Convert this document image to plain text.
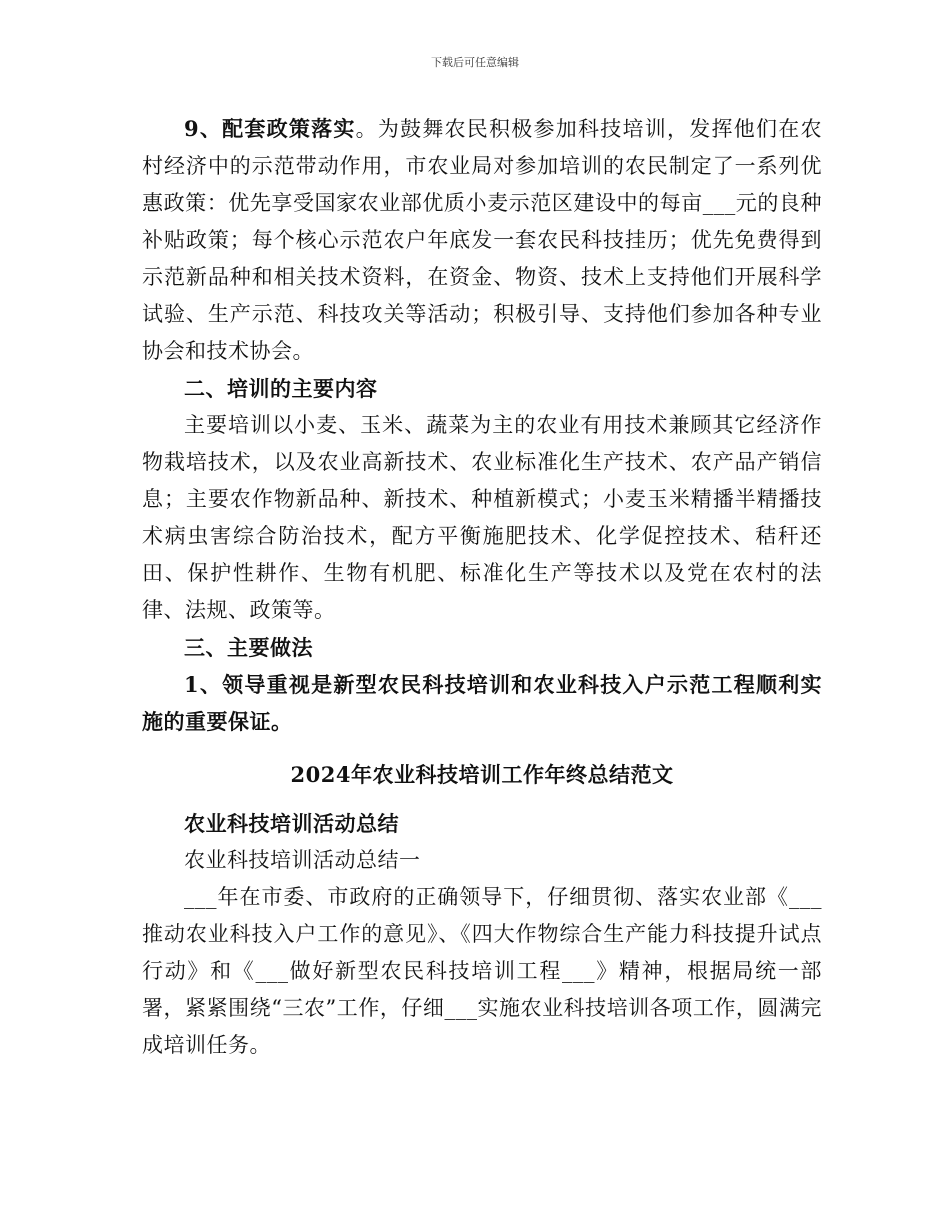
下载后可任意编辑

9、配套政策落实。为鼓舞农民积极参加科技培训，发挥他们在农村经济中的示范带动作用，市农业局对参加培训的农民制定了一系列优惠政策：优先享受国家农业部优质小麦示范区建设中的每亩___元的良种补贴政策；每个核心示范农户年底发一套农民科技挂历；优先免费得到示范新品种和相关技术资料，在资金、物资、技术上支持他们开展科学试验、生产示范、科技攻关等活动；积极引导、支持他们参加各种专业协会和技术协会。

二、培训的主要内容

主要培训以小麦、玉米、蔬菜为主的农业有用技术兼顾其它经济作物栽培技术，以及农业高新技术、农业标准化生产技术、农产品产销信息；主要农作物新品种、新技术、种植新模式；小麦玉米精播半精播技术病虫害综合防治技术，配方平衡施肥技术、化学促控技术、秸秆还田、保护性耕作、生物有机肥、标准化生产等技术以及党在农村的法律、法规、政策等。

三、主要做法

1、领导重视是新型农民科技培训和农业科技入户示范工程顺利实施的重要保证。

2024年农业科技培训工作年终总结范文

农业科技培训活动总结

农业科技培训活动总结一

___年在市委、市政府的正确领导下，仔细贯彻、落实农业部《___推动农业科技入户工作的意见》、《四大作物综合生产能力科技提升试点行动》和《___做好新型农民科技培训工程___》精神，根据局统一部署，紧紧围绕“三农”工作，仔细___实施农业科技培训各项工作，圆满完成培训任务。
